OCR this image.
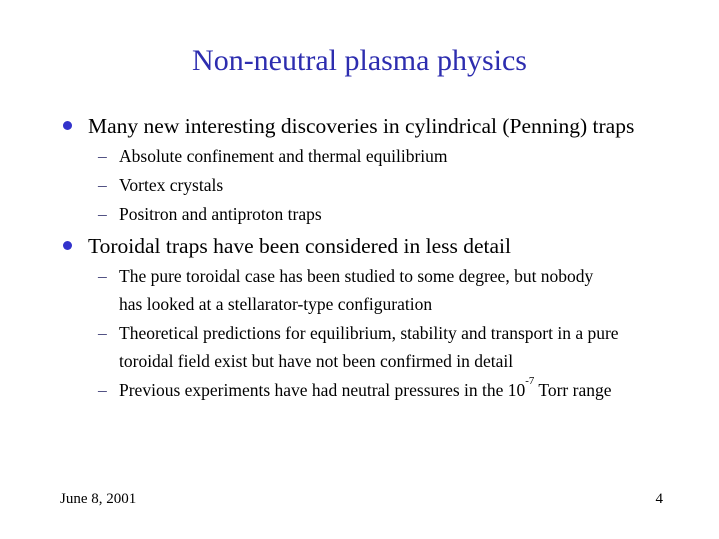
Non-neutral plasma physics
Many new interesting discoveries in cylindrical (Penning) traps
– Absolute confinement and thermal equilibrium
– Vortex crystals
– Positron and antiproton traps
Toroidal traps have been considered in less detail
– The pure toroidal case has been studied to some degree, but nobody has looked at a stellarator-type configuration
– Theoretical predictions for equilibrium, stability and transport in a pure toroidal field exist but have not been confirmed in detail
– Previous experiments have had neutral pressures in the $10^{-7}$ Torr range
June 8, 2001	4
